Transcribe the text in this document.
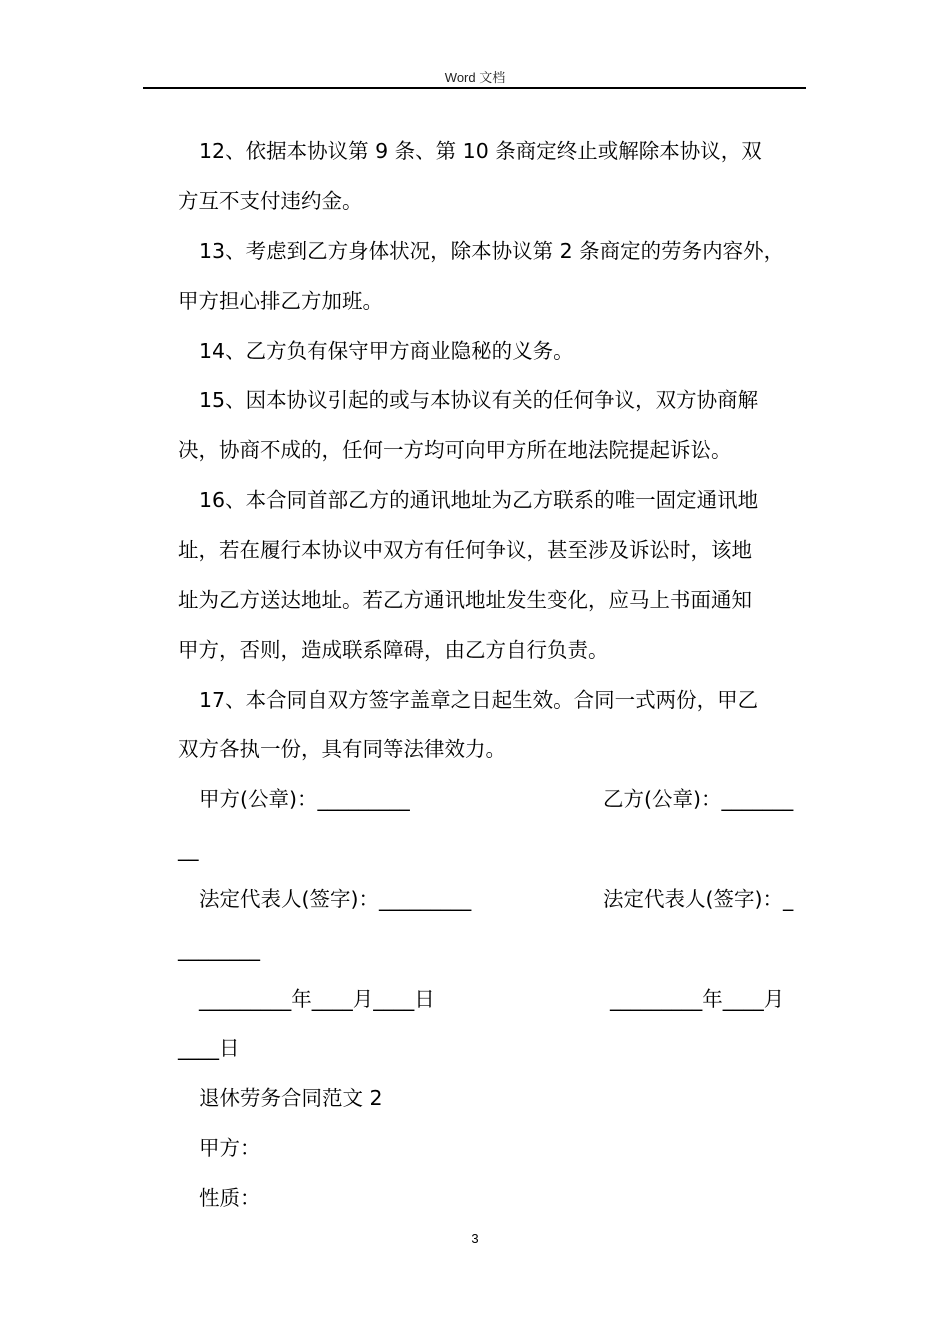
Word 文档
12、依据本协议第 9 条、第 10 条商定终止或解除本协议，双
方互不支付违约金。
13、考虑到乙方身体状况，除本协议第 2 条商定的劳务内容外，
甲方担心排乙方加班。
14、乙方负有保守甲方商业隐秘的义务。
15、因本协议引起的或与本协议有关的任何争议，双方协商解
决，协商不成的，任何一方均可向甲方所在地法院提起诉讼。
16、本合同首部乙方的通讯地址为乙方联系的唯一固定通讯地
址，若在履行本协议中双方有任何争议，甚至涉及诉讼时，该地
址为乙方送达地址。若乙方通讯地址发生变化，应马上书面通知
甲方，否则，造成联系障碍，由乙方自行负责。
17、本合同自双方签字盖章之日起生效。合同一式两份，甲乙
双方各执一份，具有同等法律效力。
甲方(公章)：_________	乙方(公章)：_______
__
法定代表人(签字)：_________	法定代表人(签字)：_
________
_________年____月____日	_________年____月
____日
退休劳务合同范文 2
甲方：
性质：
3
